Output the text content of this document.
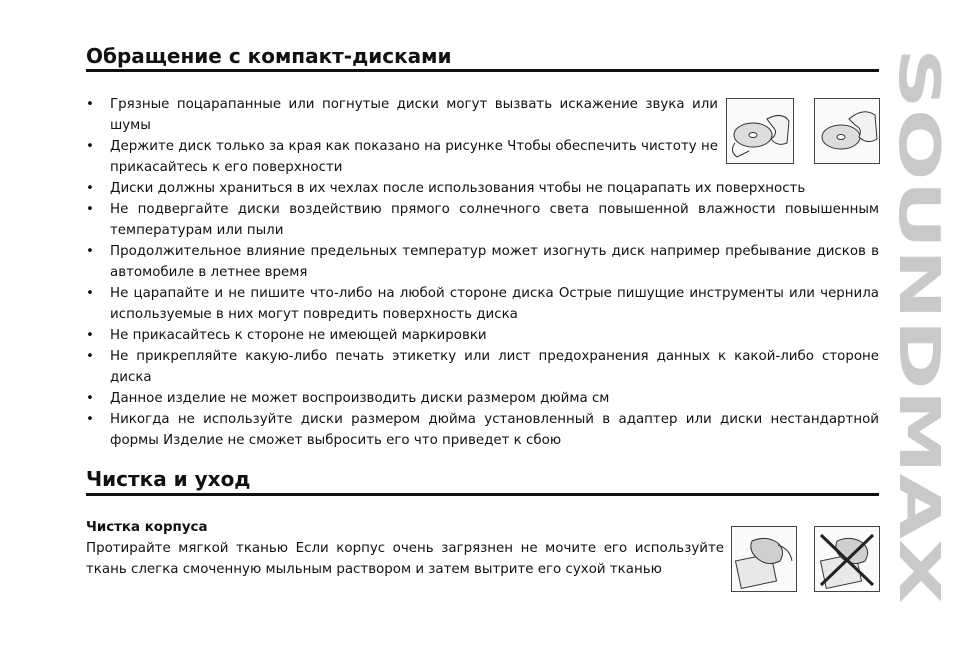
Обращение с компакт-дисками
• Грязные поцарапанные или погнутые диски могут вызвать искажение звука или шумы
• Держите диск только за края как показано на рисунке Чтобы обеспечить чистоту не прикасайтесь к его поверхности
• Диски должны храниться в их чехлах после использования чтобы не поцарапать их поверхность
• Не подвергайте диски воздействию прямого солнечного света повышенной влажности повышенным температурам или пыли
• Продолжительное влияние предельных температур может изогнуть диск например пребывание дисков в автомобиле в летнее время
• Не царапайте и не пишите что-либо на любой стороне диска Острые пишущие инструменты или чернила используемые в них могут повредить поверхность диска
• Не прикасайтесь к стороне не имеющей маркировки
• Не прикрепляйте какую-либо печать этикетку или лист предохранения данных к какой-либо стороне диска
• Данное изделие не может воспроизводить диски размером дюйма см
• Никогда не используйте диски размером дюйма установленный в адаптер или диски нестандартной формы Изделие не сможет выбросить его что приведет к сбою
Чистка и уход
Чистка корпуса
Протирайте мягкой тканью Если корпус очень загрязнен не мочите его используйте ткань слегка смоченную мыльным раствором и затем вытрите его сухой тканью
SOUNDMAX
